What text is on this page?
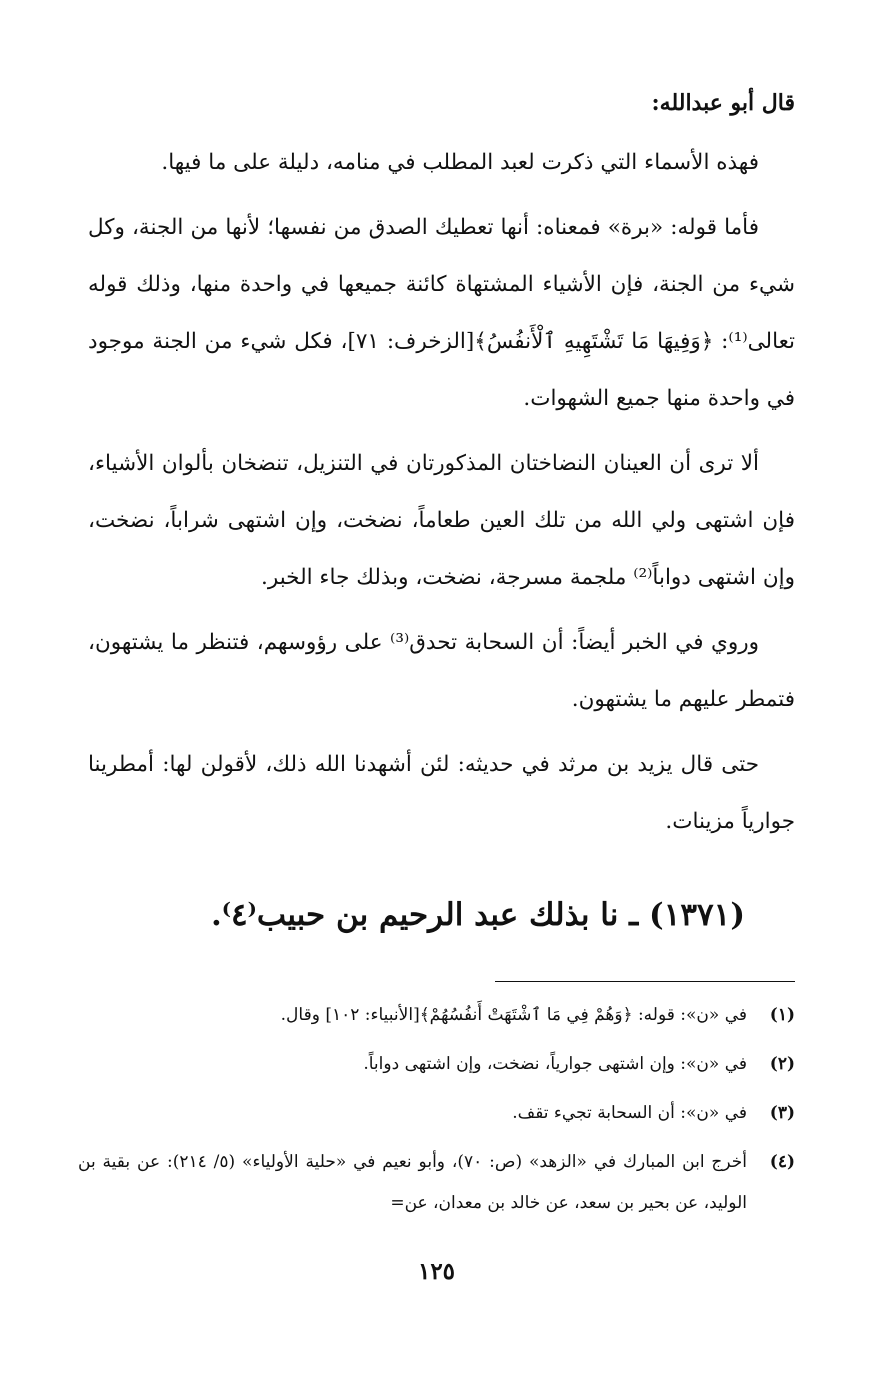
قال أبو عبدالله:

فهذه الأسماء التي ذكرت لعبد المطلب في منامه، دليلة على ما فيها.

فأما قوله: «برة» فمعناه: أنها تعطيك الصدق من نفسها؛ لأنها من الجنة، وكل شيء من الجنة، فإن الأشياء المشتهاة كائنة جميعها في واحدة منها، وذلك قوله تعالى⁽¹⁾: ﴿وَفِيهَا مَا تَشْتَهِيهِ ٱلْأَنفُسُ﴾[الزخرف: ٧١]، فكل شيء من الجنة موجود في واحدة منها جميع الشهوات.

ألا ترى أن العينان النضاختان المذكورتان في التنزيل، تنضخان بألوان الأشياء، فإن اشتهى ولي الله من تلك العين طعاماً، نضخت، وإن اشتهى شراباً، نضخت، وإن اشتهى دواباً⁽²⁾ ملجمة مسرجة، نضخت، وبذلك جاء الخبر.

وروي في الخبر أيضاً: أن السحابة تحدق⁽³⁾ على رؤوسهم، فتنظر ما يشتهون، فتمطر عليهم ما يشتهون.

حتى قال يزيد بن مرثد في حديثه: لئن أشهدنا الله ذلك، لأقولن لها: أمطرينا جوارياً مزينات.

(١٣٧١) ـ نا بذلك عبد الرحيم بن حبيب⁽٤⁾.
(١)
في «ن»: قوله: ﴿وَهُمْ فِي مَا ٱشْتَهَتْ أَنفُسُهُمْ﴾[الأنبياء: ١٠٢] وقال.
(٢)
في «ن»: وإن اشتهى جوارياً، نضخت، وإن اشتهى دواباً.
(٣)
في «ن»: أن السحابة تجيء تقف.
(٤)
أخرج ابن المبارك في «الزهد» (ص: ٧٠)، وأبو نعيم في «حلية الأولياء» (٥/ ٢١٤): عن بقية بن الوليد، عن بحير بن سعد، عن خالد بن معدان، عن=
١٢٥
